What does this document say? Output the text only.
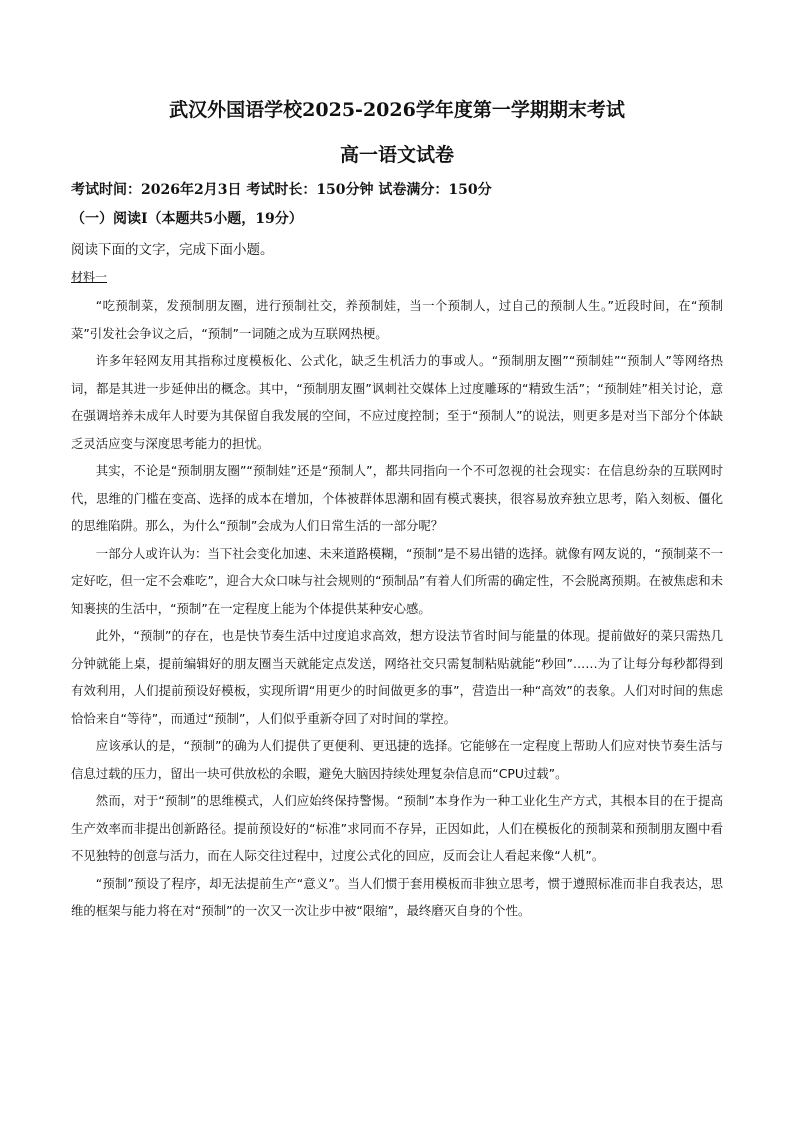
武汉外国语学校2025-2026学年度第一学期期末考试
高一语文试卷
考试时间：2026年2月3日 考试时长：150分钟 试卷满分：150分
（一）阅读Ⅰ（本题共5小题，19分）
阅读下面的文字，完成下面小题。
材料一

“吃预制菜，发预制朋友圈，进行预制社交，养预制娃，当一个预制人，过自己的预制人生。”近段时间，在“预制菜”引发社会争议之后，“预制”一词随之成为互联网热梗。

许多年轻网友用其指称过度模板化、公式化，缺乏生机活力的事或人。“预制朋友圈”“预制娃”“预制人”等网络热词，都是其进一步延伸出的概念。其中，“预制朋友圈”讽刺社交媒体上过度雕琢的“精致生活”；“预制娃”相关讨论，意在强调培养未成年人时要为其保留自我发展的空间，不应过度控制；至于“预制人”的说法，则更多是对当下部分个体缺乏灵活应变与深度思考能力的担忧。

其实，不论是“预制朋友圈”“预制娃”还是“预制人”，都共同指向一个不可忽视的社会现实：在信息纷杂的互联网时代，思维的门槛在变高、选择的成本在增加，个体被群体思潮和固有模式裹挟，很容易放弃独立思考，陷入刻板、僵化的思维陷阱。那么，为什么“预制”会成为人们日常生活的一部分呢？

一部分人或许认为：当下社会变化加速、未来道路模糊，“预制”是不易出错的选择。就像有网友说的，“预制菜不一定好吃，但一定不会难吃”，迎合大众口味与社会规则的“预制品”有着人们所需的确定性，不会脱离预期。在被焦虑和未知裹挟的生活中，“预制”在一定程度上能为个体提供某种安心感。

此外，“预制”的存在，也是快节奏生活中过度追求高效，想方设法节省时间与能量的体现。提前做好的菜只需热几分钟就能上桌，提前编辑好的朋友圈当天就能定点发送，网络社交只需复制粘贴就能“秒回”……为了让每分每秒都得到有效利用，人们提前预设好模板，实现所谓“用更少的时间做更多的事”，营造出一种“高效”的表象。人们对时间的焦虑恰恰来自“等待”，而通过“预制”，人们似乎重新夺回了对时间的掌控。

应该承认的是，“预制”的确为人们提供了更便利、更迅捷的选择。它能够在一定程度上帮助人们应对快节奏生活与信息过载的压力，留出一块可供放松的余暇，避免大脑因持续处理复杂信息而“CPU过载”。

然而，对于“预制”的思维模式，人们应始终保持警惕。“预制”本身作为一种工业化生产方式，其根本目的在于提高生产效率而非提出创新路径。提前预设好的“标准”求同而不存异，正因如此，人们在模板化的预制菜和预制朋友圈中看不见独特的创意与活力，而在人际交往过程中，过度公式化的回应，反而会让人看起来像“人机”。

“预制”预设了程序，却无法提前生产“意义”。当人们惯于套用模板而非独立思考，惯于遵照标准而非自我表达，思维的框架与能力将在对“预制”的一次又一次让步中被“限缩”，最终磨灭自身的个性。
